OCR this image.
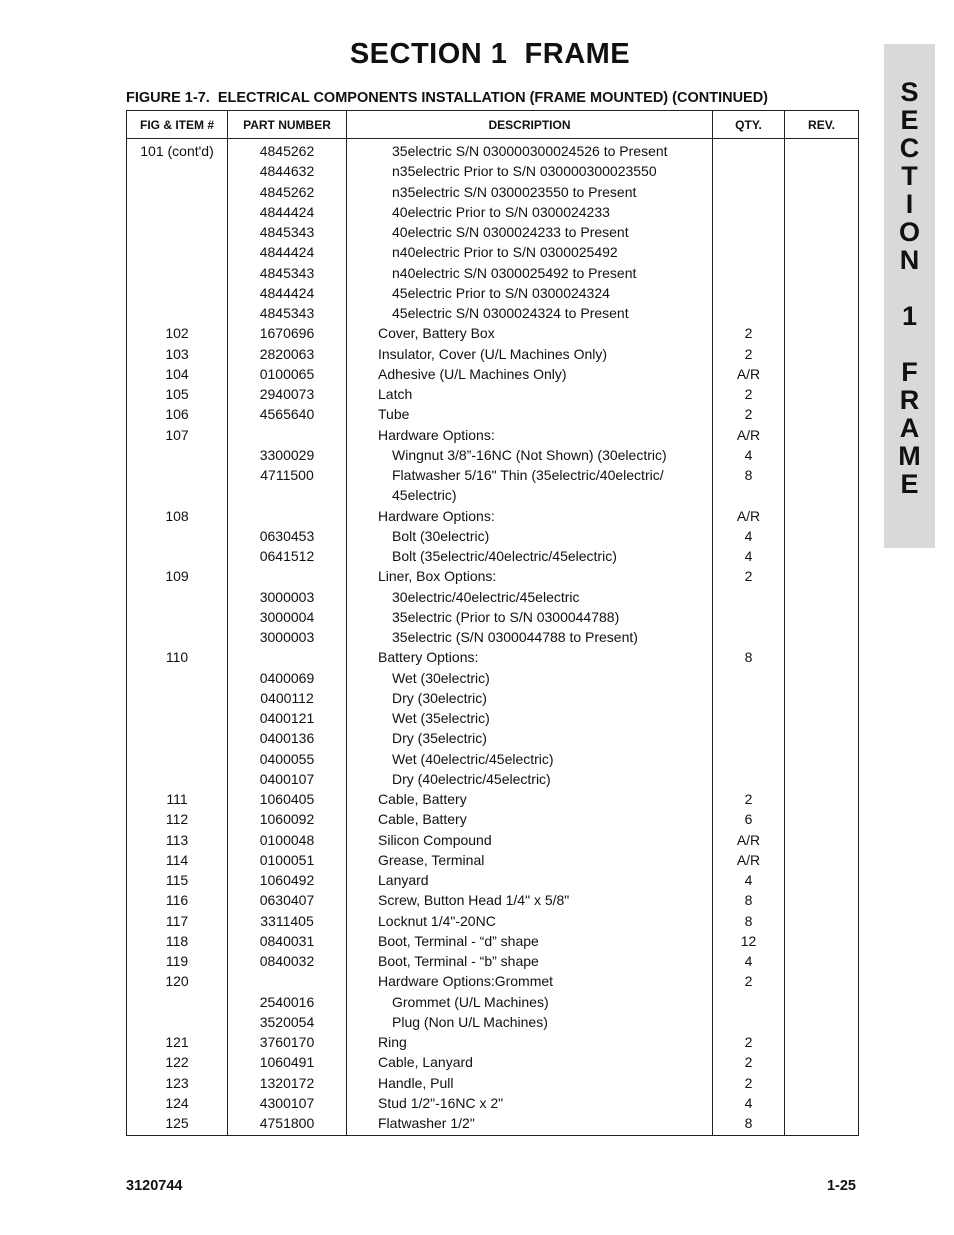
SECTION 1  FRAME
FIGURE 1-7.  ELECTRICAL COMPONENTS INSTALLATION (FRAME MOUNTED) (CONTINUED)	S
E
C
T
I
O
N
1
F
R
A
M
E
FIG & ITEM #	PART NUMBER	DESCRIPTION	QTY.	REV.
101 (cont'd)	4845262	35electric S/N 030000300024526 to Present		
	4844632	n35electric Prior to S/N 030000300023550		
	4845262	n35electric S/N 0300023550 to Present		
	4844424	40electric Prior to S/N 0300024233		
	4845343	40electric S/N 0300024233 to Present		
	4844424	n40electric Prior to S/N 0300025492		
	4845343	n40electric S/N 0300025492 to Present		
	4844424	45electric Prior to S/N 0300024324		
	4845343	45electric S/N 0300024324 to Present		
102	1670696	Cover, Battery Box	2	
103	2820063	Insulator, Cover (U/L Machines Only)	2	
104	0100065	Adhesive (U/L Machines Only)	A/R	
105	2940073	Latch	2	
106	4565640	Tube	2	
107		Hardware Options:	A/R	
	3300029	Wingnut 3/8”-16NC (Not Shown) (30electric)	4	
	4711500	Flatwasher 5/16" Thin (35electric/40electric/	8	
		45electric)		
108		Hardware Options:	A/R	
	0630453	Bolt (30electric)	4	
	0641512	Bolt (35electric/40electric/45electric)	4	
109		Liner, Box Options:	2	
	3000003	30electric/40electric/45electric		
	3000004	35electric (Prior to S/N 0300044788)		
	3000003	35electric (S/N 0300044788 to Present)		
110		Battery Options:	8	
	0400069	Wet (30electric)		
	0400112	Dry (30electric)		
	0400121	Wet (35electric)		
	0400136	Dry (35electric)		
	0400055	Wet (40electric/45electric)		
	0400107	Dry (40electric/45electric)		
111	1060405	Cable, Battery	2	
112	1060092	Cable, Battery	6	
113	0100048	Silicon Compound	A/R	
114	0100051	Grease, Terminal	A/R	
115	1060492	Lanyard	4	
116	0630407	Screw, Button Head 1/4" x 5/8"	8	
117	3311405	Locknut 1/4"-20NC	8	
118	0840031	Boot, Terminal - “d” shape	12	
119	0840032	Boot, Terminal - “b” shape	4	
120		Hardware Options:Grommet	2	
	2540016	Grommet (U/L Machines)		
	3520054	Plug (Non U/L Machines)		
121	3760170	Ring	2	
122	1060491	Cable, Lanyard	2	
123	1320172	Handle, Pull	2	
124	4300107	Stud 1/2"-16NC x 2"	4	
125	4751800	Flatwasher 1/2"	8	
3120744	1-25
